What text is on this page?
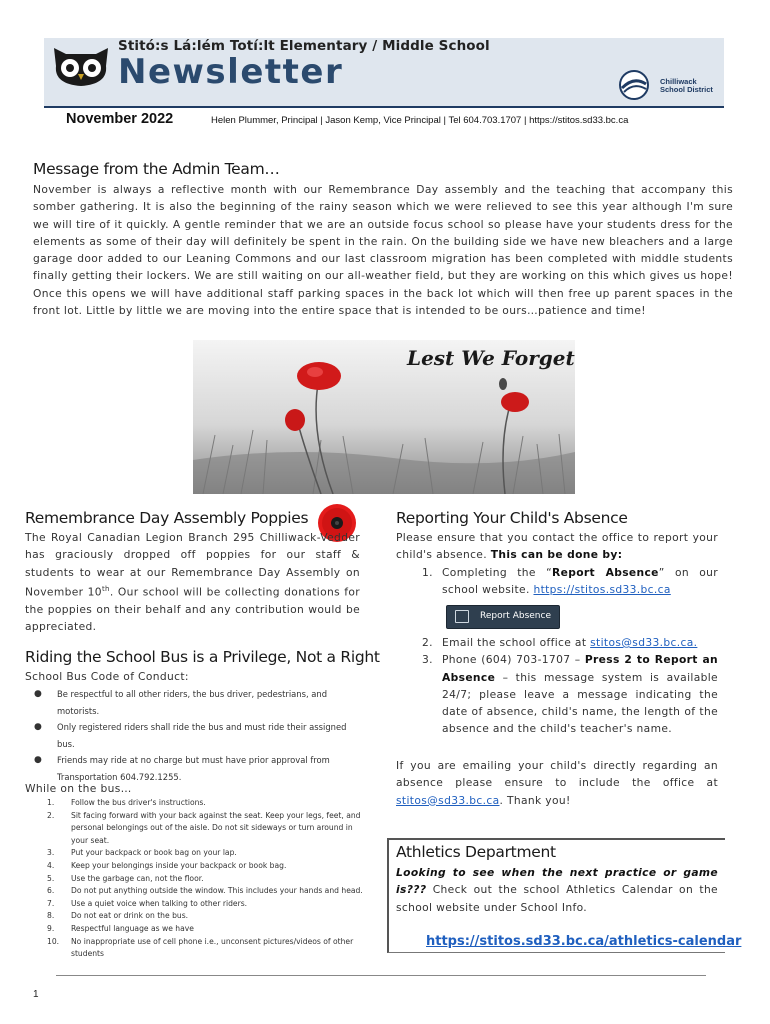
Stitó:s Lá:lém Totí:lt Elementary / Middle School
Newsletter	Chilliwack School District
November 2022	Helen Plummer, Principal | Jason Kemp, Vice Principal | Tel 604.703.1707 | https://stitos.sd33.bc.ca
Message from the Admin Team…
November is always a reflective month with our Remembrance Day assembly and the teaching that accompany this somber gathering. It is also the beginning of the rainy season which we were relieved to see this year although I'm sure we will tire of it quickly. A gentle reminder that we are an outside focus school so please have your students dress for the elements as some of their day will definitely be spent in the rain. On the building side we have new bleachers and a large garage door added to our Leaning Commons and our last classroom migration has been completed with middle students finally getting their lockers. We are still waiting on our all-weather field, but they are working on this which gives us hope! Once this opens we will have additional staff parking spaces in the back lot which will then free up parent spaces in the front lot. Little by little we are moving into the entire space that is intended to be ours…patience and time!
Lest We Forget
Remembrance Day Assembly Poppies
The Royal Canadian Legion Branch 295 Chilliwack-Vedder has graciously dropped off poppies for our staff & students to wear at our Remembrance Day Assembly on November 10th. Our school will be collecting donations for the poppies on their behalf and any contribution would be appreciated.
Riding the School Bus is a Privilege, Not a Right
School Bus Code of Conduct:
● Be respectful to all other riders, the bus driver, pedestrians, and motorists.
● Only registered riders shall ride the bus and must ride their assigned bus.
● Friends may ride at no charge but must have prior approval from Transportation 604.792.1255.
While on the bus…
1. Follow the bus driver's instructions.
2. Sit facing forward with your back against the seat. Keep your legs, feet, and personal belongings out of the aisle. Do not sit sideways or turn around in your seat.
3. Put your backpack or book bag on your lap.
4. Keep your belongings inside your backpack or book bag.
5. Use the garbage can, not the floor.
6. Do not put anything outside the window. This includes your hands and head.
7. Use a quiet voice when talking to other riders.
8. Do not eat or drink on the bus.
9. Respectful language as we have
10. No inappropriate use of cell phone i.e., unconsent pictures/videos of other students
Reporting Your Child's Absence
Please ensure that you contact the office to report your child's absence. This can be done by:
1. Completing the “Report Absence” on our school website. https://stitos.sd33.bc.ca
Report Absence
2. Email the school office at stitos@sd33.bc.ca.
3. Phone (604) 703-1707 – Press 2 to Report an Absence – this message system is available 24/7; please leave a message indicating the date of absence, child's name, the length of the absence and the child's teacher's name.
If you are emailing your child's directly regarding an absence please ensure to include the office at stitos@sd33.bc.ca. Thank you!
Athletics Department
Looking to see when the next practice or game is??? Check out the school Athletics Calendar on the school website under School Info.
https://stitos.sd33.bc.ca/athletics-calendar
1
